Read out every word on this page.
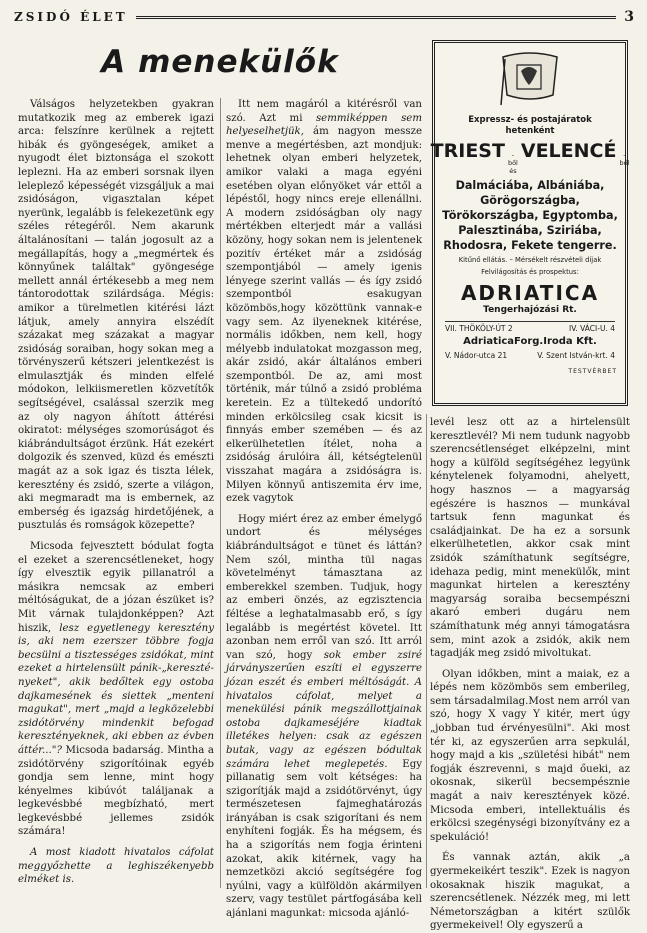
ZSIDÓ ÉLET	3
A menekülők

Válságos helyzetekben gyakran mutatkozik meg az emberek igazi arca: felszínre kerülnek a rejtett hibák és gyöngeségek, amiket a nyugodt élet biztonsága el szokott leplezni. Ha az emberi sorsnak ilyen leleplező képességét vizsgáljuk a mai zsidóságon, vigasztalan képet nyerünk, legalább is felekezetünk egy széles rétegéről. Nem akarunk általánosítani — talán jogosult az a megállapítás, hogy a „megmértek és könnyűnek találtak" gyöngesége mellett annál értékesebb a meg nem tántorodottak szilárdsága. Mégis: amikor a türelmetlen kitérési lázt látjuk, amely annyira elszédít százakat meg százakat a magyar zsidóság soraiban, hogy sokan meg a törvényszerű kétszeri jelentkezést is elmulasztják és minden elfelé módokon, lelkiismeretlen közvetítők segítségével, csalással szerzik meg az oly nagyon áhított áttérési okiratot: mélységes szomorúságot és kiábrándultságot érzünk. Hát ezekért dolgozik és szenved, küzd és emészti magát az a sok igaz és tiszta lélek, keresztény és zsidó, szerte a világon, aki megmaradt ma is embernek, az emberség és igazság hirdetőjének, a pusztulás és romságok közepette?

Micsoda fejvesztett bódulat fogta el ezeket a szerencsétleneket, hogy így elvesztik egyik pillanatról a másikra nemcsak az emberi méltóságukat, de a józan észüket is? Mit várnak tulajdonképpen? Azt hiszik, lesz egyetlenegy keresztény is, aki nem ezerszer többre fogja becsülni a tisztességes zsidókat, mint ezeket a hirtelensült pánik-„kereszté-nyeket", akik bedőltek egy ostoba dajkamesének és siettek „menteni magukat", mert „majd a legközelebbi zsidótörvény mindenkit befogad keresztényeknek, aki ebben az évben áttér..."? Micsoda badarság. Mintha a zsidótörvény szigorítóinak egyéb gondja sem lenne, mint hogy kényelmes kibúvót találjanak a legkevésbbé megbízható, mert legkevésbbé jellemes zsidók számára!

A most kiadott hivatalos cáfolat meggyőzhette a leghiszékenyebb elméket is.

Itt nem magáról a kitérésről van szó. Azt mi semmiképpen sem helyeselhetjük, ám nagyon messze menve a megértésben, azt mondjuk: lehetnek olyan emberi helyzetek, amikor valaki a maga egyéni esetében olyan előnyöket vár ettől a lépéstől, hogy nincs ereje ellenállni. A modern zsidóságban oly nagy mértékben elterjedt már a vallási közöny, hogy sokan nem is jelentenek pozitív értéket már a zsidóság szempontjából — amely igenis lényege szerint vallás — és így zsidó szempontból esakugyan közömbös,hogy közöttünk vannak-e vagy sem. Az ilyeneknek kitérése, normális időkben, nem kell, hogy mélyebb indulatokat mozgasson meg, akár zsidó, akár általános emberi szempontból. De az, ami most történik, már túlnő a zsidó probléma keretein. Ez a tültekedő undorító minden erkölcsileg csak kicsit is finnyás ember szemében — és az elkerülhetetlen ítélet, noha a zsidóság árulóira áll, kétségtelenül visszahat magára a zsidóságra is. Milyen könnyű antiszemita érv ime, ezek vagytok

Hogy miért érez az ember émelygő undort és mélységes kiábrándultságot e tünet és láttán? Nem szól, mintha tül nagas követelményt támasztana az emberekkel szemben. Tudjuk, hogy az emberi önzés, az egzisztencia féltése a leghatalmasabb erő, s így legalább is megértést követel. Itt azonban nem erről van szó. Itt arról van szó, hogy sok ember zsiré járványszerűen eszíti el egyszerre józan eszét és emberi méltóságát. A hivatalos cáfolat, melyet a menekülési pánik megszállottjainak ostoba dajkameséjére kiadtak illetékes helyen: csak az egészen butak, vagy az egészen bódultak számára lehet meglepetés. Egy pillanatig sem volt kétséges: ha szigorítják majd a zsidótörvényt, úgy természetesen fajmeghatározás irányában is csak szigorítani és nem enyhíteni fogják. És ha mégsem, és ha a szigorítás nem fogja érinteni azokat, akik kitérnek, vagy ha nemzetközi akció segítségére fog nyúlni, vagy a külföldön akármilyen szerv, vagy testület pártfogásába kell ajánlani magunkat: micsoda ajánló-

Expressz- és postajáratok
hetenként
TRIEST	-ből és
VELENCÉ	-ből
Dalmáciába, Albániába, Görögországba, Törökországba, Egyptomba, Palesztinába, Sziriába, Rhodosra, Fekete tengerre.
Kitűnő ellátás. – Mérsékelt részvételi díjak
Felvilágosítás és prospektus:
ADRIATICA
Tengerhajózási Rt.
VII. THÖKÖLY-ÚT 2	IV. VÁCI-U. 4
AdriaticaForg.Iroda Kft.
V. Nádor-utca 21	V. Szent István-krt. 4
TESTVÉRBET

levél lesz ott az a hirtelensült keresztlevél? Mi nem tudunk nagyobb szerencsétlenséget elképzelni, mint hogy a külföld segítségéhez legyünk kénytelenek folyamodni, ahelyett, hogy hasznos — a magyarság egészére is hasznos — munkával tartsuk fenn magunkat és családjainkat. De ha ez a sorsunk elkerülhetetlen, akkor csak mint zsidók számíthatunk segítségre, idehaza pedig, mint menekülők, mint magunkat hirtelen a keresztény magyarság soraiba becsempészni akaró emberi dugáru nem számíthatunk még annyi támogatásra sem, mint azok a zsidók, akik nem tagadják meg zsidó mivoltukat.

Olyan időkben, mint a maiak, ez a lépés nem közömbös sem emberileg, sem társadalmilag.Most nem arról van szó, hogy X vagy Y kitér, mert úgy „jobban tud érvényesülni". Aki most tér ki, az egyszerűen arra sepkulál, hogy majd a kis „születési hibát" nem fogják észrevenni, s majd őueki, az okosnak, sikerül becsempésznie magát a naiv keresztények közé. Micsoda emberi, intellektuális és erkölcsi szegénységi bizonyítvány ez a spekuláció!

És vannak aztán, akik „a gyermekeikért teszik". Ezek is nagyon okosaknak hiszik magukat, a szerencsétlenek. Nézzék meg, mi lett Németországban a kitért szülők gyermekeivel! Oly egyszerű a
